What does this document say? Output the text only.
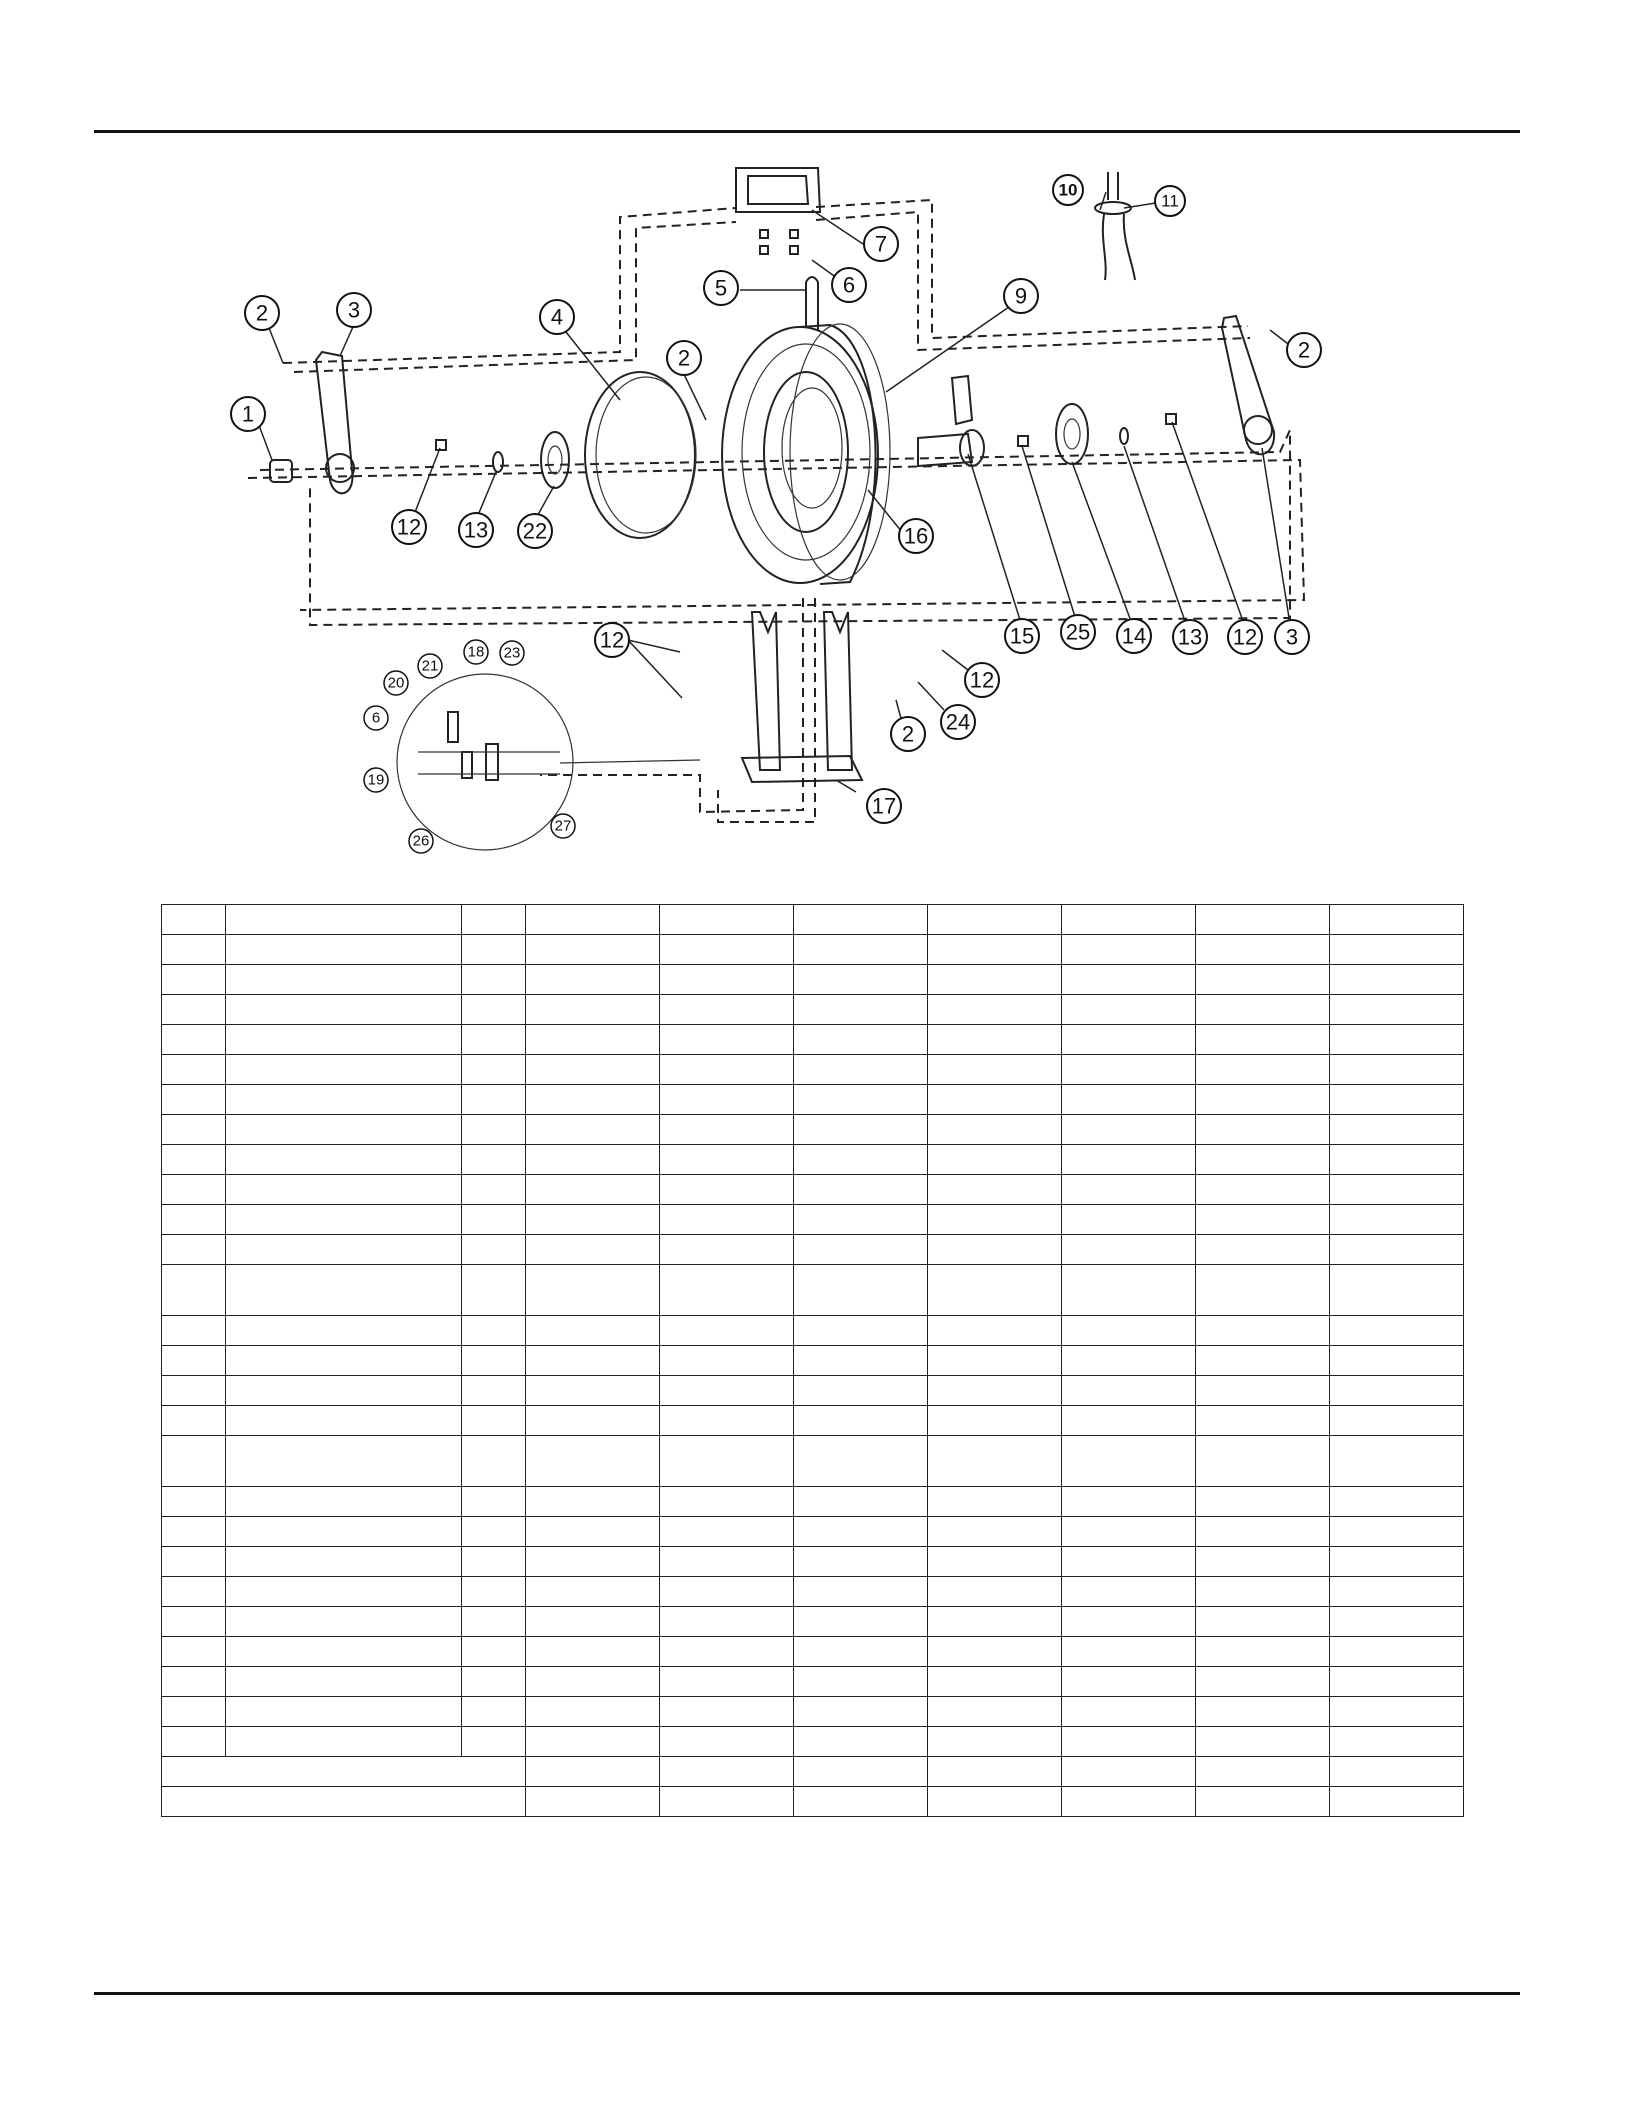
1
2	3	4
5	6
7
9
10
11
2
2
12 13 22	16
15 25 14 13 12 3
12
12
24
2
17
21
18 23
20
6
19
26
27
